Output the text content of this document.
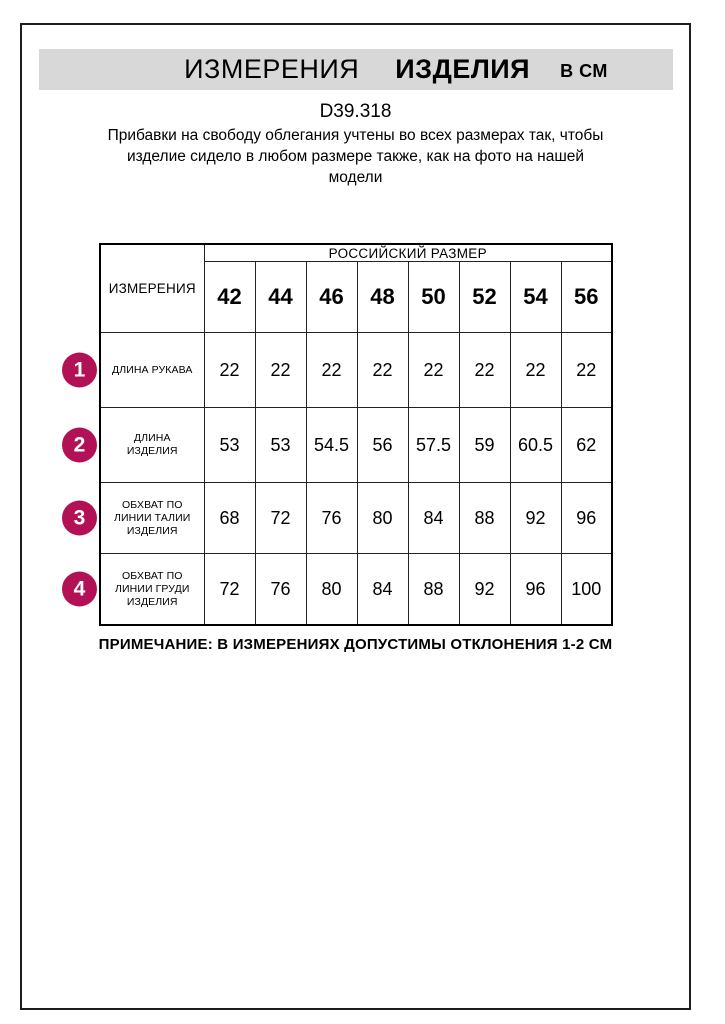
ИЗМЕРЕНИЯ ИЗДЕЛИЯ В СМ
D39.318
Прибавки на свободу облегания учтены во всех размерах так, чтобы
изделие сидело в любом размере также, как на фото на нашей
модели
ИЗМЕРЕНИЯ	РОССИЙСКИЙ РАЗМЕР							
	42	44	46	48	50	52	54	56

1 ДЛИНА РУКАВА	22	22	22	22	22	22	22	22

2 ДЛИНА
ИЗДЕЛИЯ	53	53	54.5	56	57.5	59	60.5	62

3
ОБХВАТ ПО
ЛИНИИ ТАЛИИ
ИЗДЕЛИЯ	68	72	76	80	84	88	92	96

4
ОБХВАТ ПО
ЛИНИИ ГРУДИ
ИЗДЕЛИЯ	72	76	80	84	88	92	96	100
ПРИМЕЧАНИЕ: В ИЗМЕРЕНИЯХ ДОПУСТИМЫ ОТКЛОНЕНИЯ 1-2 СМ
